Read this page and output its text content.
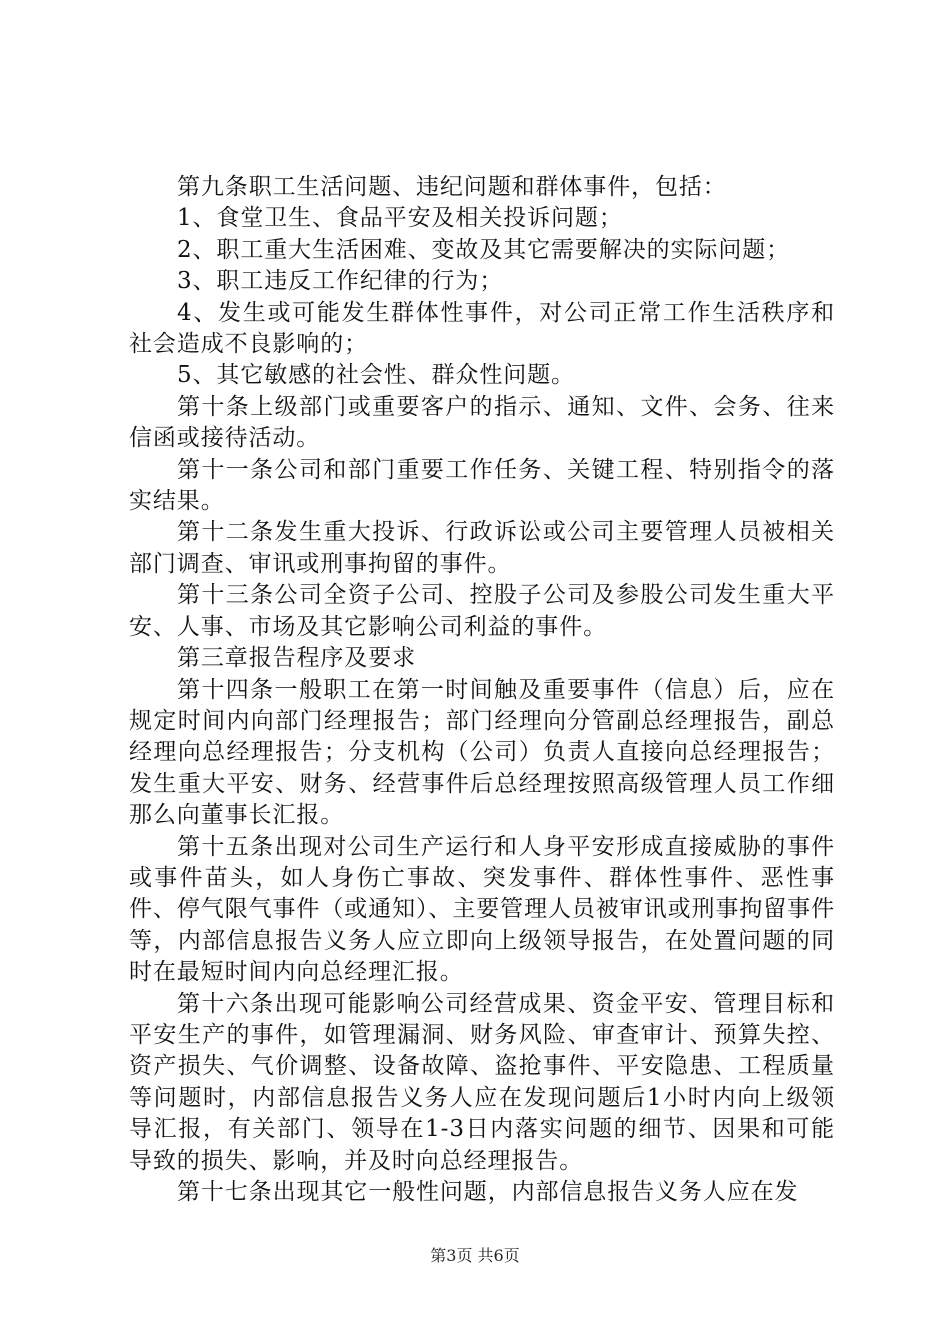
第九条职工生活问题、违纪问题和群体事件，包括：

1、食堂卫生、食品平安及相关投诉问题；

2、职工重大生活困难、变故及其它需要解决的实际问题；

3、职工违反工作纪律的行为；

4、发生或可能发生群体性事件，对公司正常工作生活秩序和社会造成不良影响的；

5、其它敏感的社会性、群众性问题。

第十条上级部门或重要客户的指示、通知、文件、会务、往来信函或接待活动。

第十一条公司和部门重要工作任务、关键工程、特别指令的落实结果。

第十二条发生重大投诉、行政诉讼或公司主要管理人员被相关部门调查、审讯或刑事拘留的事件。

第十三条公司全资子公司、控股子公司及参股公司发生重大平安、人事、市场及其它影响公司利益的事件。

第三章报告程序及要求

第十四条一般职工在第一时间触及重要事件（信息）后，应在规定时间内向部门经理报告；部门经理向分管副总经理报告，副总经理向总经理报告；分支机构（公司）负责人直接向总经理报告；发生重大平安、财务、经营事件后总经理按照高级管理人员工作细那么向董事长汇报。

第十五条出现对公司生产运行和人身平安形成直接威胁的事件或事件苗头，如人身伤亡事故、突发事件、群体性事件、恶性事件、停气限气事件（或通知）、主要管理人员被审讯或刑事拘留事件等，内部信息报告义务人应立即向上级领导报告，在处置问题的同时在最短时间内向总经理汇报。

第十六条出现可能影响公司经营成果、资金平安、管理目标和平安生产的事件，如管理漏洞、财务风险、审查审计、预算失控、资产损失、气价调整、设备故障、盗抢事件、平安隐患、工程质量等问题时，内部信息报告义务人应在发现问题后1小时内向上级领导汇报，有关部门、领导在1-3日内落实问题的细节、因果和可能导致的损失、影响，并及时向总经理报告。

第十七条出现其它一般性问题，内部信息报告义务人应在发

第3页 共6页
